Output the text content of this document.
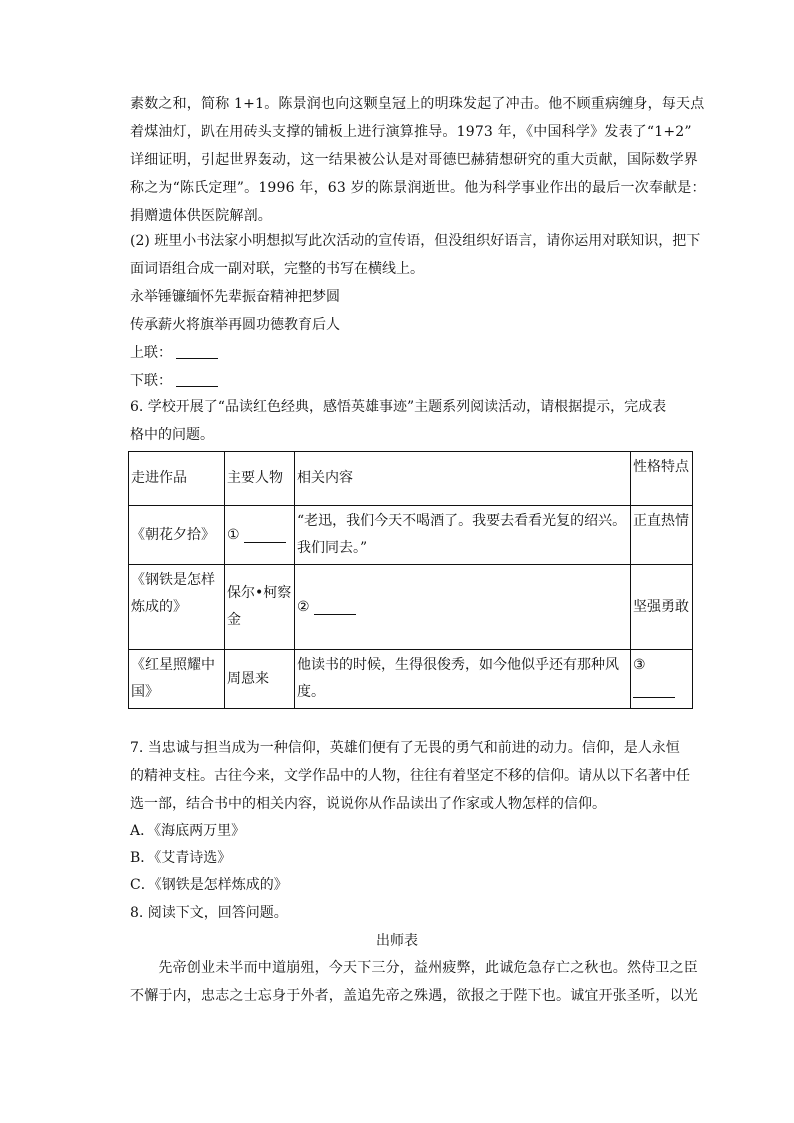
素数之和，简称 1+1。陈景润也向这颗皇冠上的明珠发起了冲击。他不顾重病缠身，每天点
着煤油灯，趴在用砖头支撑的铺板上进行演算推导。1973 年，《中国科学》发表了“1+2”
详细证明，引起世界轰动，这一结果被公认是对哥德巴赫猜想研究的重大贡献，国际数学界
称之为“陈氏定理”。1996 年，63 岁的陈景润逝世。他为科学事业作出的最后一次奉献是：
捐赠遗体供医院解剖。
(2) 班里小书法家小明想拟写此次活动的宣传语，但没组织好语言，请你运用对联知识，把下
面词语组合成一副对联，完整的书写在横线上。
永举锤镰缅怀先辈振奋精神把梦圆
传承薪火将旗举再圆功德教育后人
上联：
下联：
6. 学校开展了“品读红色经典，感悟英雄事迹”主题系列阅读活动，请根据提示，完成表
格中的问题。
走进作品	主要人物	相关内容	性格特点

《朝花夕拾》	①	“老迅，我们今天不喝酒了。我要去看看光复的绍兴。我们同去。”	正直热情
《钢铁是怎样炼成的》	保尔•柯察金	②	坚强勇敢

《红星照耀中国》	周恩来	他读书的时候，生得很俊秀，如今他似乎还有那种风度。	③

7. 当忠诚与担当成为一种信仰，英雄们便有了无畏的勇气和前进的动力。信仰，是人永恒
的精神支柱。古往今来，文学作品中的人物，往往有着坚定不移的信仰。请从以下名著中任
选一部，结合书中的相关内容，说说你从作品读出了作家或人物怎样的信仰。
A．《海底两万里》
B．《艾青诗选》
C．《钢铁是怎样炼成的》
8. 阅读下文，回答问题。
出师表
　　先帝创业未半而中道崩殂，今天下三分，益州疲弊，此诚危急存亡之秋也。然侍卫之臣
不懈于内，忠志之士忘身于外者，盖追先帝之殊遇，欲报之于陛下也。诚宜开张圣听，以光
